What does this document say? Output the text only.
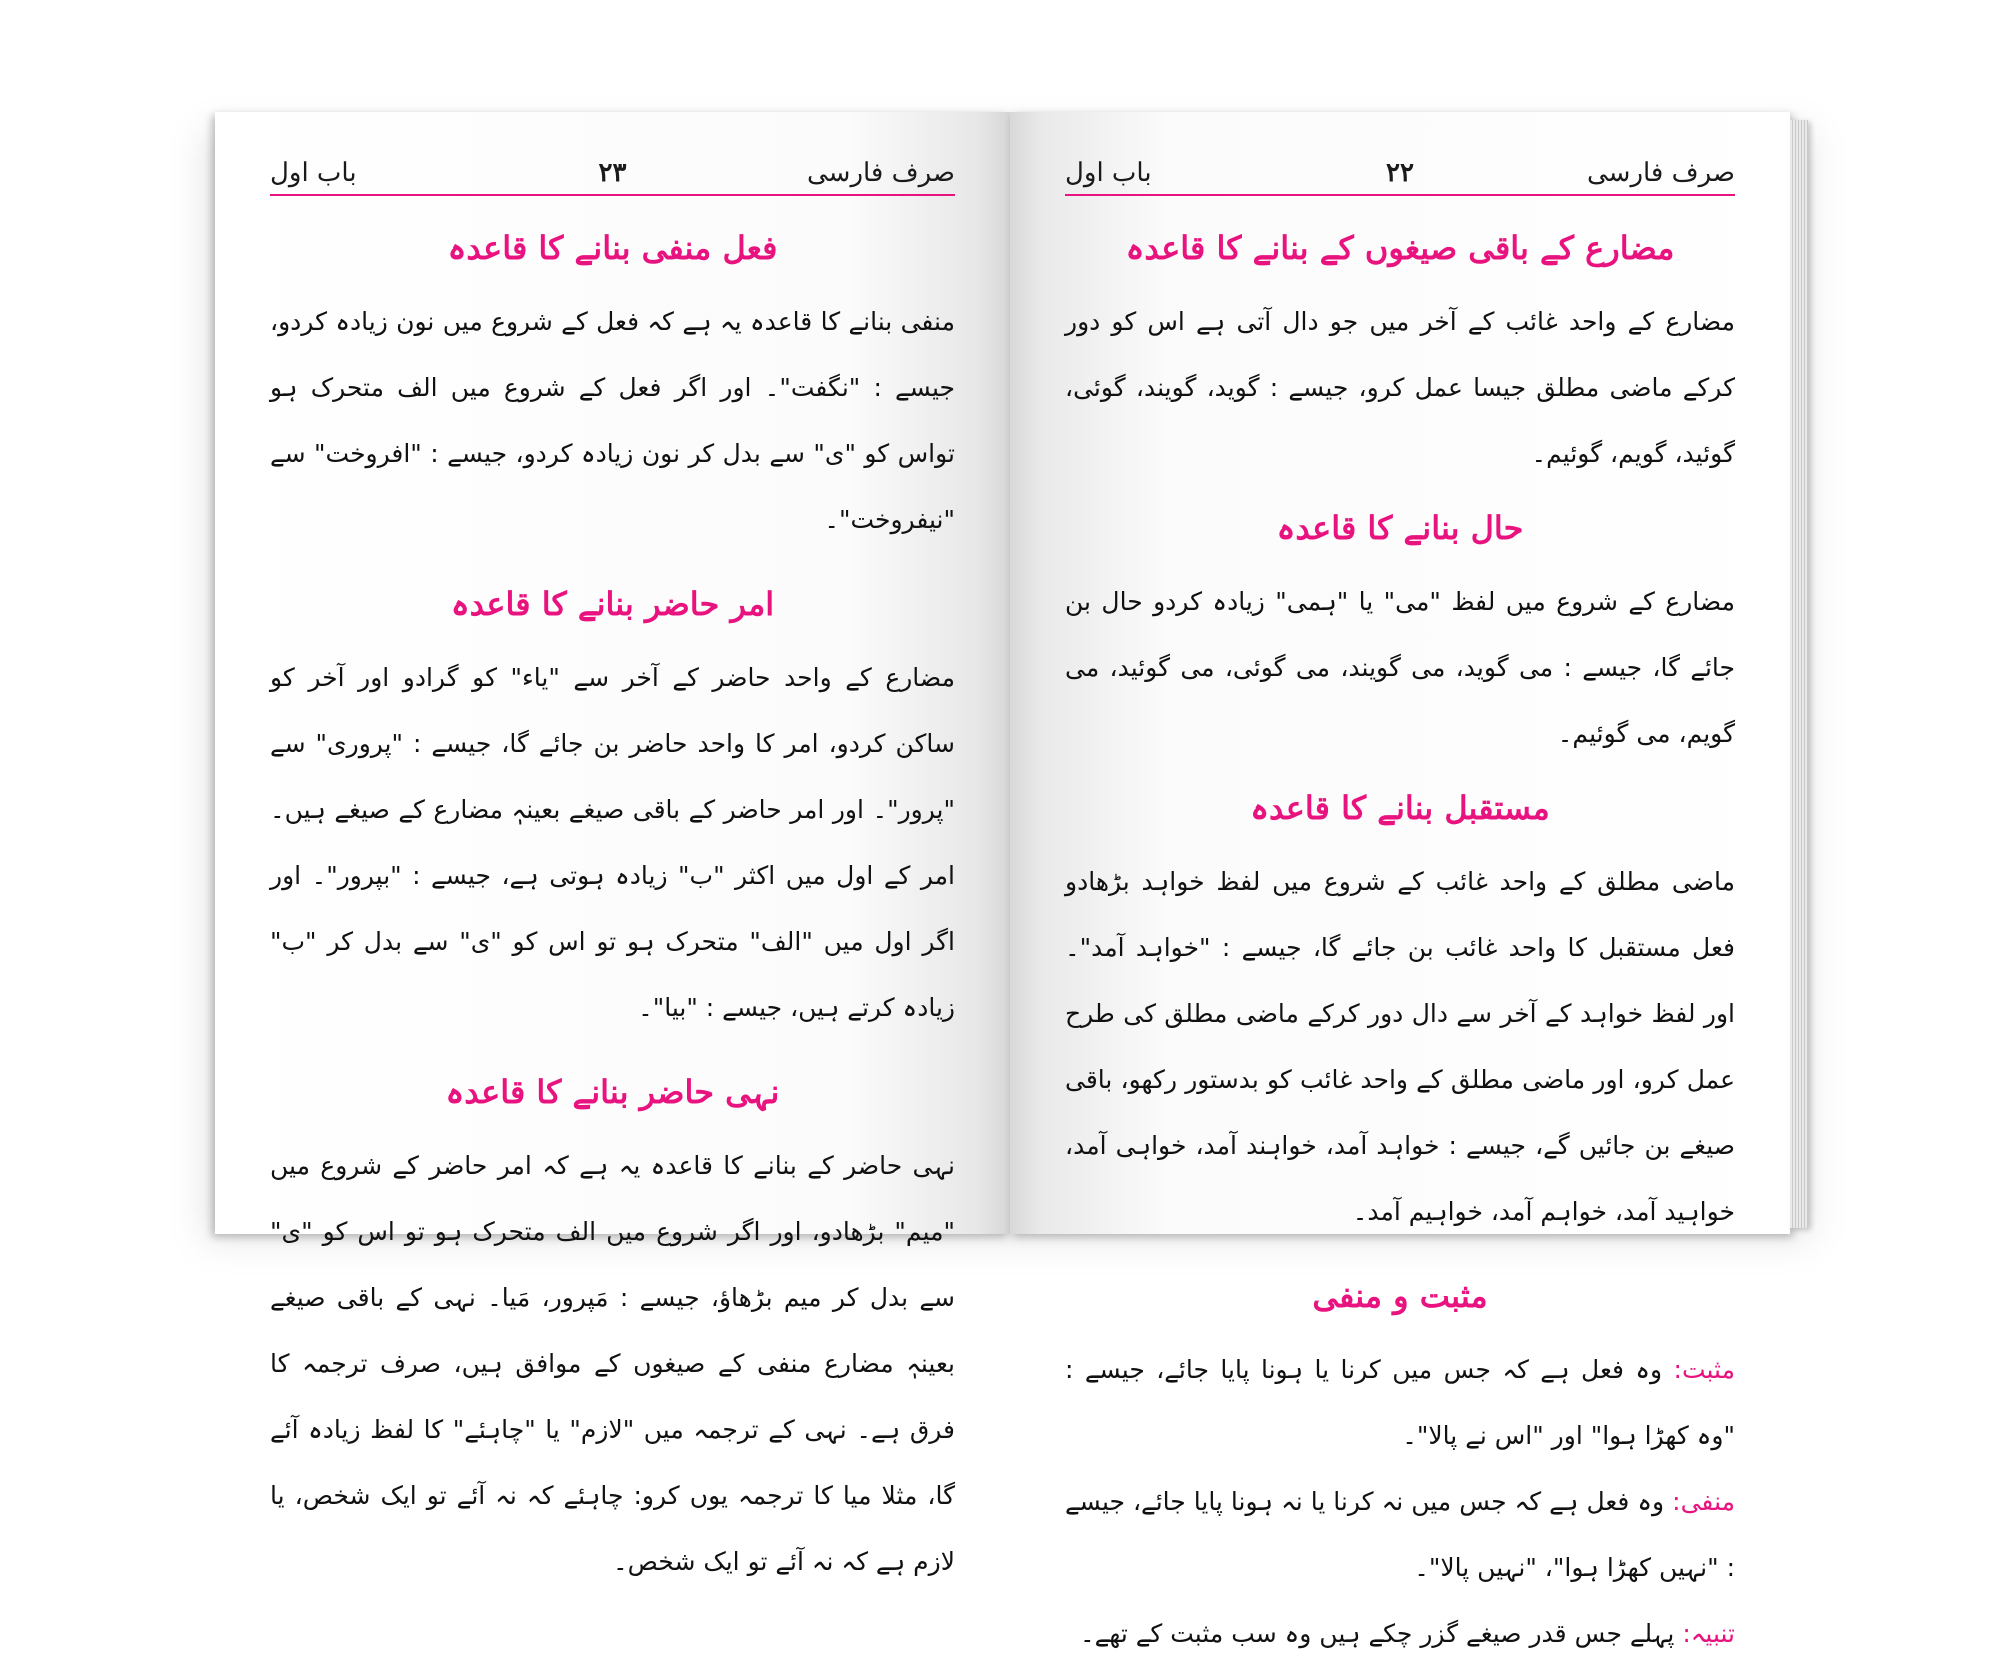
صرف فارسی
۲۳
باب اول
فعل منفی بنانے کا قاعدہ

منفی بنانے کا قاعدہ یہ ہے کہ فعل کے شروع میں نون زیادہ کردو، جیسے : "نگفت"۔ اور اگر فعل کے شروع میں الف متحرک ہو تواس کو "ی" سے بدل کر نون زیادہ کردو، جیسے : "افروخت" سے "نیفروخت"۔

امر حاضر بنانے کا قاعدہ

مضارع کے واحد حاضر کے آخر سے "یاء" کو گرادو اور آخر کو ساکن کردو، امر کا واحد حاضر بن جائے گا، جیسے : "پروری" سے "پرور"۔ اور امر حاضر کے باقی صیغے بعینہٖ مضارع کے صیغے ہیں۔ امر کے اول میں اکثر "ب" زیادہ ہوتی ہے، جیسے : "بپرور"۔ اور اگر اول میں "الف" متحرک ہو تو اس کو "ی" سے بدل کر "ب" زیادہ کرتے ہیں، جیسے : "بیا"۔

نہی حاضر بنانے کا قاعدہ

نہی حاضر کے بنانے کا قاعدہ یہ ہے کہ امر حاضر کے شروع میں "میم" بڑھادو، اور اگر شروع میں الف متحرک ہو تو اس کو "ی" سے بدل کر میم بڑھاؤ، جیسے : مَپرور، مَیا۔ نہی کے باقی صیغے بعینہٖ مضارع منفی کے صیغوں کے موافق ہیں، صرف ترجمہ کا فرق ہے۔ نہی کے ترجمہ میں "لازم" یا "چاہئے" کا لفظ زیادہ آئے گا، مثلا میا کا ترجمہ یوں کرو: چاہئے کہ نہ آئے تو ایک شخص، یا لازم ہے کہ نہ آئے تو ایک شخص۔

صرف فارسی
۲۲
باب اول
مضارع کے باقی صیغوں کے بنانے کا قاعدہ

مضارع کے واحد غائب کے آخر میں جو دال آتی ہے اس کو دور کرکے ماضی مطلق جیسا عمل کرو، جیسے : گوید، گویند، گوئی، گوئید، گویم، گوئیم۔

حال بنانے کا قاعدہ

مضارع کے شروع میں لفظ "می" یا "ہمی" زیادہ کردو حال بن جائے گا، جیسے : می گوید، می گویند، می گوئی، می گوئید، می گویم، می گوئیم۔

مستقبل بنانے کا قاعدہ

ماضی مطلق کے واحد غائب کے شروع میں لفظ خواہد بڑھادو فعل مستقبل کا واحد غائب بن جائے گا، جیسے : "خواہد آمد"۔ اور لفظ خواہد کے آخر سے دال دور کرکے ماضی مطلق کی طرح عمل کرو، اور ماضی مطلق کے واحد غائب کو بدستور رکھو، باقی صیغے بن جائیں گے، جیسے : خواہد آمد، خواہند آمد، خواہی آمد، خواہید آمد، خواہم آمد، خواہیم آمد۔

مثبت و منفی

مثبت: وہ فعل ہے کہ جس میں کرنا یا ہونا پایا جائے، جیسے : "وہ کھڑا ہوا" اور "اس نے پالا"۔

منفی: وہ فعل ہے کہ جس میں نہ کرنا یا نہ ہونا پایا جائے، جیسے : "نہیں کھڑا ہوا"، "نہیں پالا"۔

تنبیہ: پہلے جس قدر صیغے گزر چکے ہیں وہ سب مثبت کے تھے۔
